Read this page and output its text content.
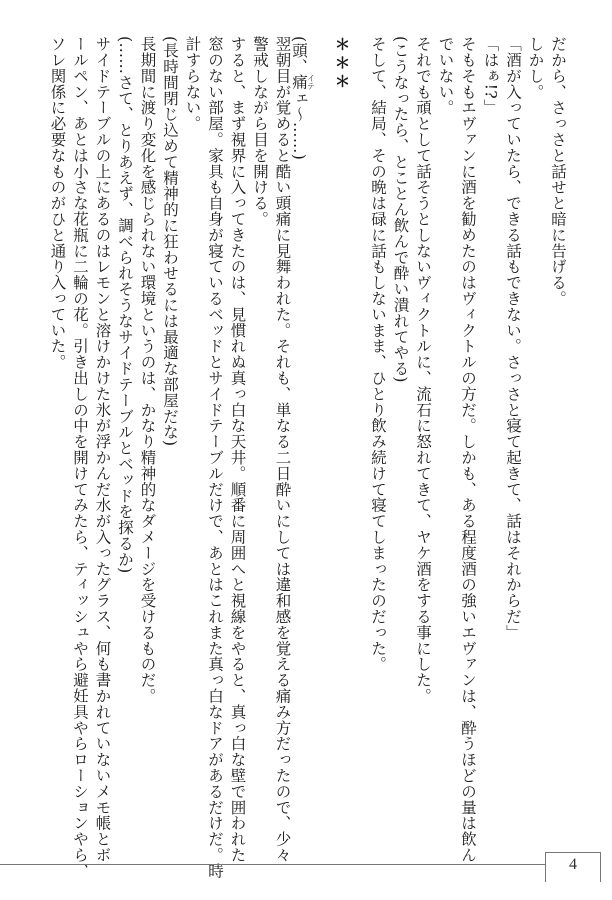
だから、さっさと話せと暗に告げる。
しかし。
「酒が入っていたら、できる話もできない。さっさと寝て起きて、話はそれからだ」
「はぁ!?」
そもそもエヴァンに酒を勧めたのはヴィクトルの方だ。しかも、ある程度酒の強いエヴァンは、酔うほどの量は飲ん
でいない。
それでも頑として話そうとしないヴィクトルに、流石に怒れてきて、ヤケ酒をする事にした。
(こうなったら、とことん飲んで酔い潰れてやる)
そして、結局、その晩は碌に話もしないまま、ひとり飲み続けて寝てしまったのだった。
＊＊＊
(頭、痛イテェ〜……)
翌朝目が覚めると酷い頭痛に見舞われた。それも、単なる二日酔いにしては違和感を覚える痛み方だったので、少々
警戒しながら目を開ける。
すると、まず視界に入ってきたのは、見慣れぬ真っ白な天井。順番に周囲へと視線をやると、真っ白な壁で囲われた
窓のない部屋。家具も自身が寝ているベッドとサイドテーブルだけで、あとはこれまた真っ白なドアがあるだけだ。時
計すらない。
(長時間閉じ込めて精神的に狂わせるには最適な部屋だな)
長期間に渡り変化を感じられない環境というのは、かなり精神的なダメージを受けるものだ。
(……さて、とりあえず、調べられそうなサイドテーブルとベッドを探るか)
サイドテーブルの上にあるのはレモンと溶けかけた氷が浮かんだ水が入ったグラス、何も書かれていないメモ帳とボ
ールペン、あとは小さな花瓶に二輪の花。引き出しの中を開けてみたら、ティッシュやら避妊具やらローションやら、
ソレ関係に必要なものがひと通り入っていた。
4
